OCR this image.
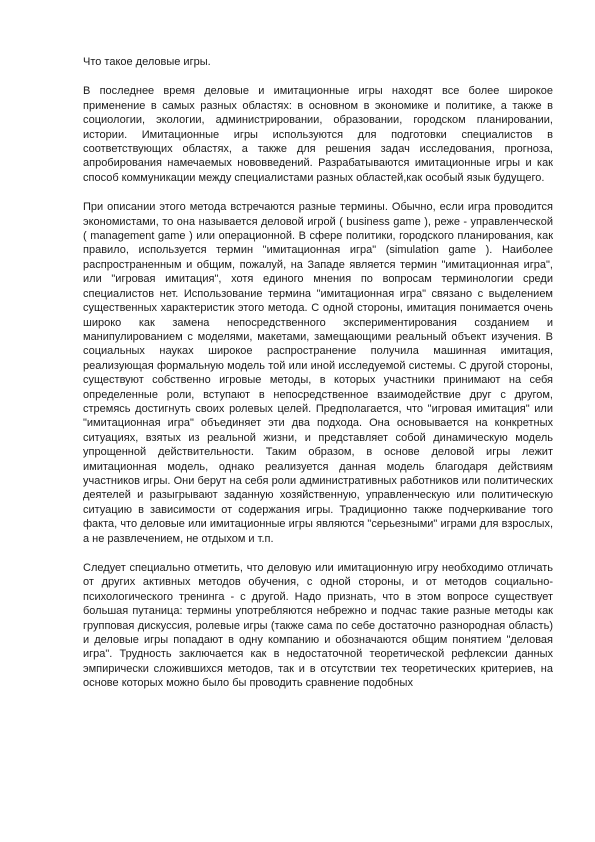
Что такое деловые игры.

В последнее время деловые и имитационные игры находят все более широкое применение в самых разных областях: в основном в экономике и политике, а также в социологии, экологии, администрировании, образовании, городском планировании, истории. Имитационные игры используются для подготовки специалистов в соответствующих областях, а также для решения задач исследования, прогноза, апробирования намечаемых нововведений. Разрабатываются имитационные игры и как способ коммуникации между специалистами разных областей,как особый язык будущего.

При описании этого метода встречаются разные термины. Обычно, если игра проводится экономистами, то она называется деловой игрой ( business game ), реже - управленческой ( management game ) или операционной. В сфере политики, городского планирования, как правило, используется термин "имитационная игра" (simulation game ). Наиболее распространенным и общим, пожалуй, на Западе является термин "имитационная игра", или "игровая имитация", хотя единого мнения по вопросам терминологии среди специалистов нет. Использование термина "имитационная игра" связано с выделением существенных характеристик этого метода. С одной стороны, имитация понимается очень широко как замена непосредственного экспериментирования созданием и манипулированием с моделями, макетами, замещающими реальный объект изучения. В социальных науках широкое распространение получила машинная имитация, реализующая формальную модель той или иной исследуемой системы. С другой стороны, существуют собственно игровые методы, в которых участники принимают на себя определенные роли, вступают в непосредственное взаимодействие друг с другом, стремясь достигнуть своих ролевых целей. Предполагается, что "игровая имитация" или "имитационная игра" объединяет эти два подхода. Она основывается на конкретных ситуациях, взятых из реальной жизни, и представляет собой динамическую модель упрощенной действительности. Таким образом, в основе деловой игры лежит имитационная модель, однако реализуется данная модель благодаря действиям участников игры. Они берут на себя роли административных работников или политических деятелей и разыгрывают заданную хозяйственную, управленческую или политическую ситуацию в зависимости от содержания игры. Традиционно также подчеркивание того факта, что деловые или имитационные игры являются "серьезными" играми для взрослых, а не развлечением, не отдыхом и т.п.

Следует специально отметить, что деловую или имитационную игру необходимо отличать от других активных методов обучения, с одной стороны, и от методов социально-психологического тренинга - с другой. Надо признать, что в этом вопросе существует большая путаница: термины употребляются небрежно и подчас такие разные методы как групповая дискуссия, ролевые игры (также сама по себе достаточно разнородная область) и деловые игры попадают в одну компанию и обозначаются общим понятием "деловая игра". Трудность заключается как в недостаточной теоретической рефлексии данных эмпирически сложившихся методов, так и в отсутствии тех теоретических критериев, на основе которых можно было бы проводить сравнение подобных
